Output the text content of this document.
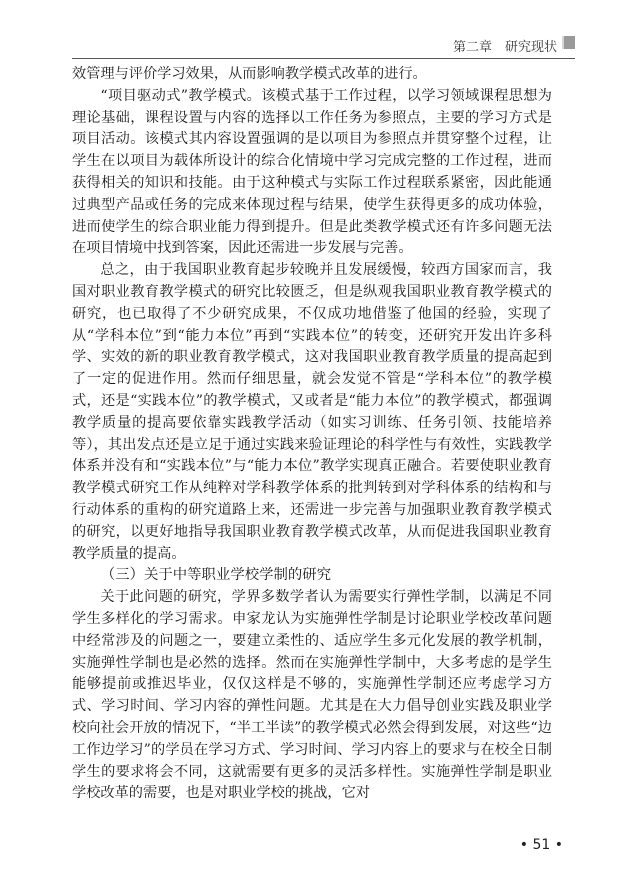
第二章　研究现状

效管理与评价学习效果，从而影响教学模式改革的进行。

“项目驱动式”教学模式。该模式基于工作过程，以学习领域课程思想为理论基础，课程设置与内容的选择以工作任务为参照点，主要的学习方式是项目活动。该模式其内容设置强调的是以项目为参照点并贯穿整个过程，让学生在以项目为载体所设计的综合化情境中学习完成完整的工作过程，进而获得相关的知识和技能。由于这种模式与实际工作过程联系紧密，因此能通过典型产品或任务的完成来体现过程与结果，使学生获得更多的成功体验，进而使学生的综合职业能力得到提升。但是此类教学模式还有许多问题无法在项目情境中找到答案，因此还需进一步发展与完善。

总之，由于我国职业教育起步较晚并且发展缓慢，较西方国家而言，我国对职业教育教学模式的研究比较匮乏，但是纵观我国职业教育教学模式的研究，也已取得了不少研究成果，不仅成功地借鉴了他国的经验，实现了从“学科本位”到“能力本位”再到“实践本位”的转变，还研究开发出许多科学、实效的新的职业教育教学模式，这对我国职业教育教学质量的提高起到了一定的促进作用。然而仔细思量，就会发觉不管是“学科本位”的教学模式，还是“实践本位”的教学模式，又或者是“能力本位”的教学模式，都强调教学质量的提高要依靠实践教学活动（如实习训练、任务引领、技能培养等），其出发点还是立足于通过实践来验证理论的科学性与有效性，实践教学体系并没有和“实践本位”与“能力本位”教学实现真正融合。若要使职业教育教学模式研究工作从纯粹对学科教学体系的批判转到对学科体系的结构和与行动体系的重构的研究道路上来，还需进一步完善与加强职业教育教学模式的研究，以更好地指导我国职业教育教学模式改革，从而促进我国职业教育教学质量的提高。

（三）关于中等职业学校学制的研究

关于此问题的研究，学界多数学者认为需要实行弹性学制，以满足不同学生多样化的学习需求。申家龙认为实施弹性学制是讨论职业学校改革问题中经常涉及的问题之一，要建立柔性的、适应学生多元化发展的教学机制，实施弹性学制也是必然的选择。然而在实施弹性学制中，大多考虑的是学生能够提前或推迟毕业，仅仅这样是不够的，实施弹性学制还应考虑学习方式、学习时间、学习内容的弹性问题。尤其是在大力倡导创业实践及职业学校向社会开放的情况下，“半工半读”的教学模式必然会得到发展，对这些“边工作边学习”的学员在学习方式、学习时间、学习内容上的要求与在校全日制学生的要求将会不同，这就需要有更多的灵活多样性。实施弹性学制是职业学校改革的需要，也是对职业学校的挑战，它对

• 51 •
